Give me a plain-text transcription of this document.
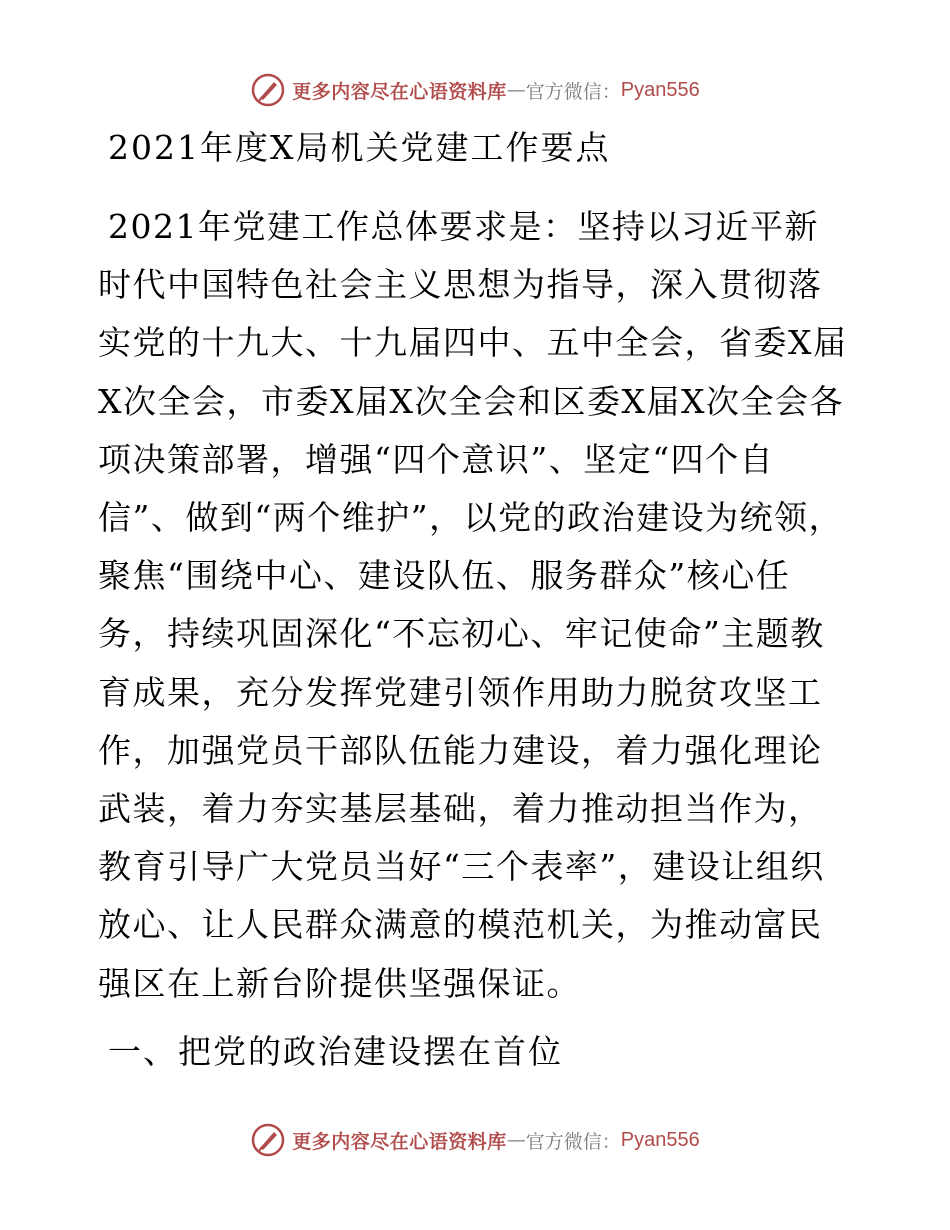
更多内容尽在心语资料库 — 官方微信： Pyan556
2021年度X局机关党建工作要点

2021年党建工作总体要求是：坚持以习近平新时代中国特色社会主义思想为指导，深入贯彻落实党的十九大、十九届四中、五中全会，省委X届X次全会，市委X届X次全会和区委X届X次全会各项决策部署，增强“四个意识”、坚定“四个自信”、做到“两个维护”，以党的政治建设为统领，聚焦“围绕中心、建设队伍、服务群众”核心任务，持续巩固深化“不忘初心、牢记使命”主题教育成果，充分发挥党建引领作用助力脱贫攻坚工作，加强党员干部队伍能力建设，着力强化理论武装，着力夯实基层基础，着力推动担当作为，教育引导广大党员当好“三个表率”，建设让组织放心、让人民群众满意的模范机关，为推动富民强区在上新台阶提供坚强保证。

一、把党的政治建设摆在首位
更多内容尽在心语资料库 — 官方微信： Pyan556
